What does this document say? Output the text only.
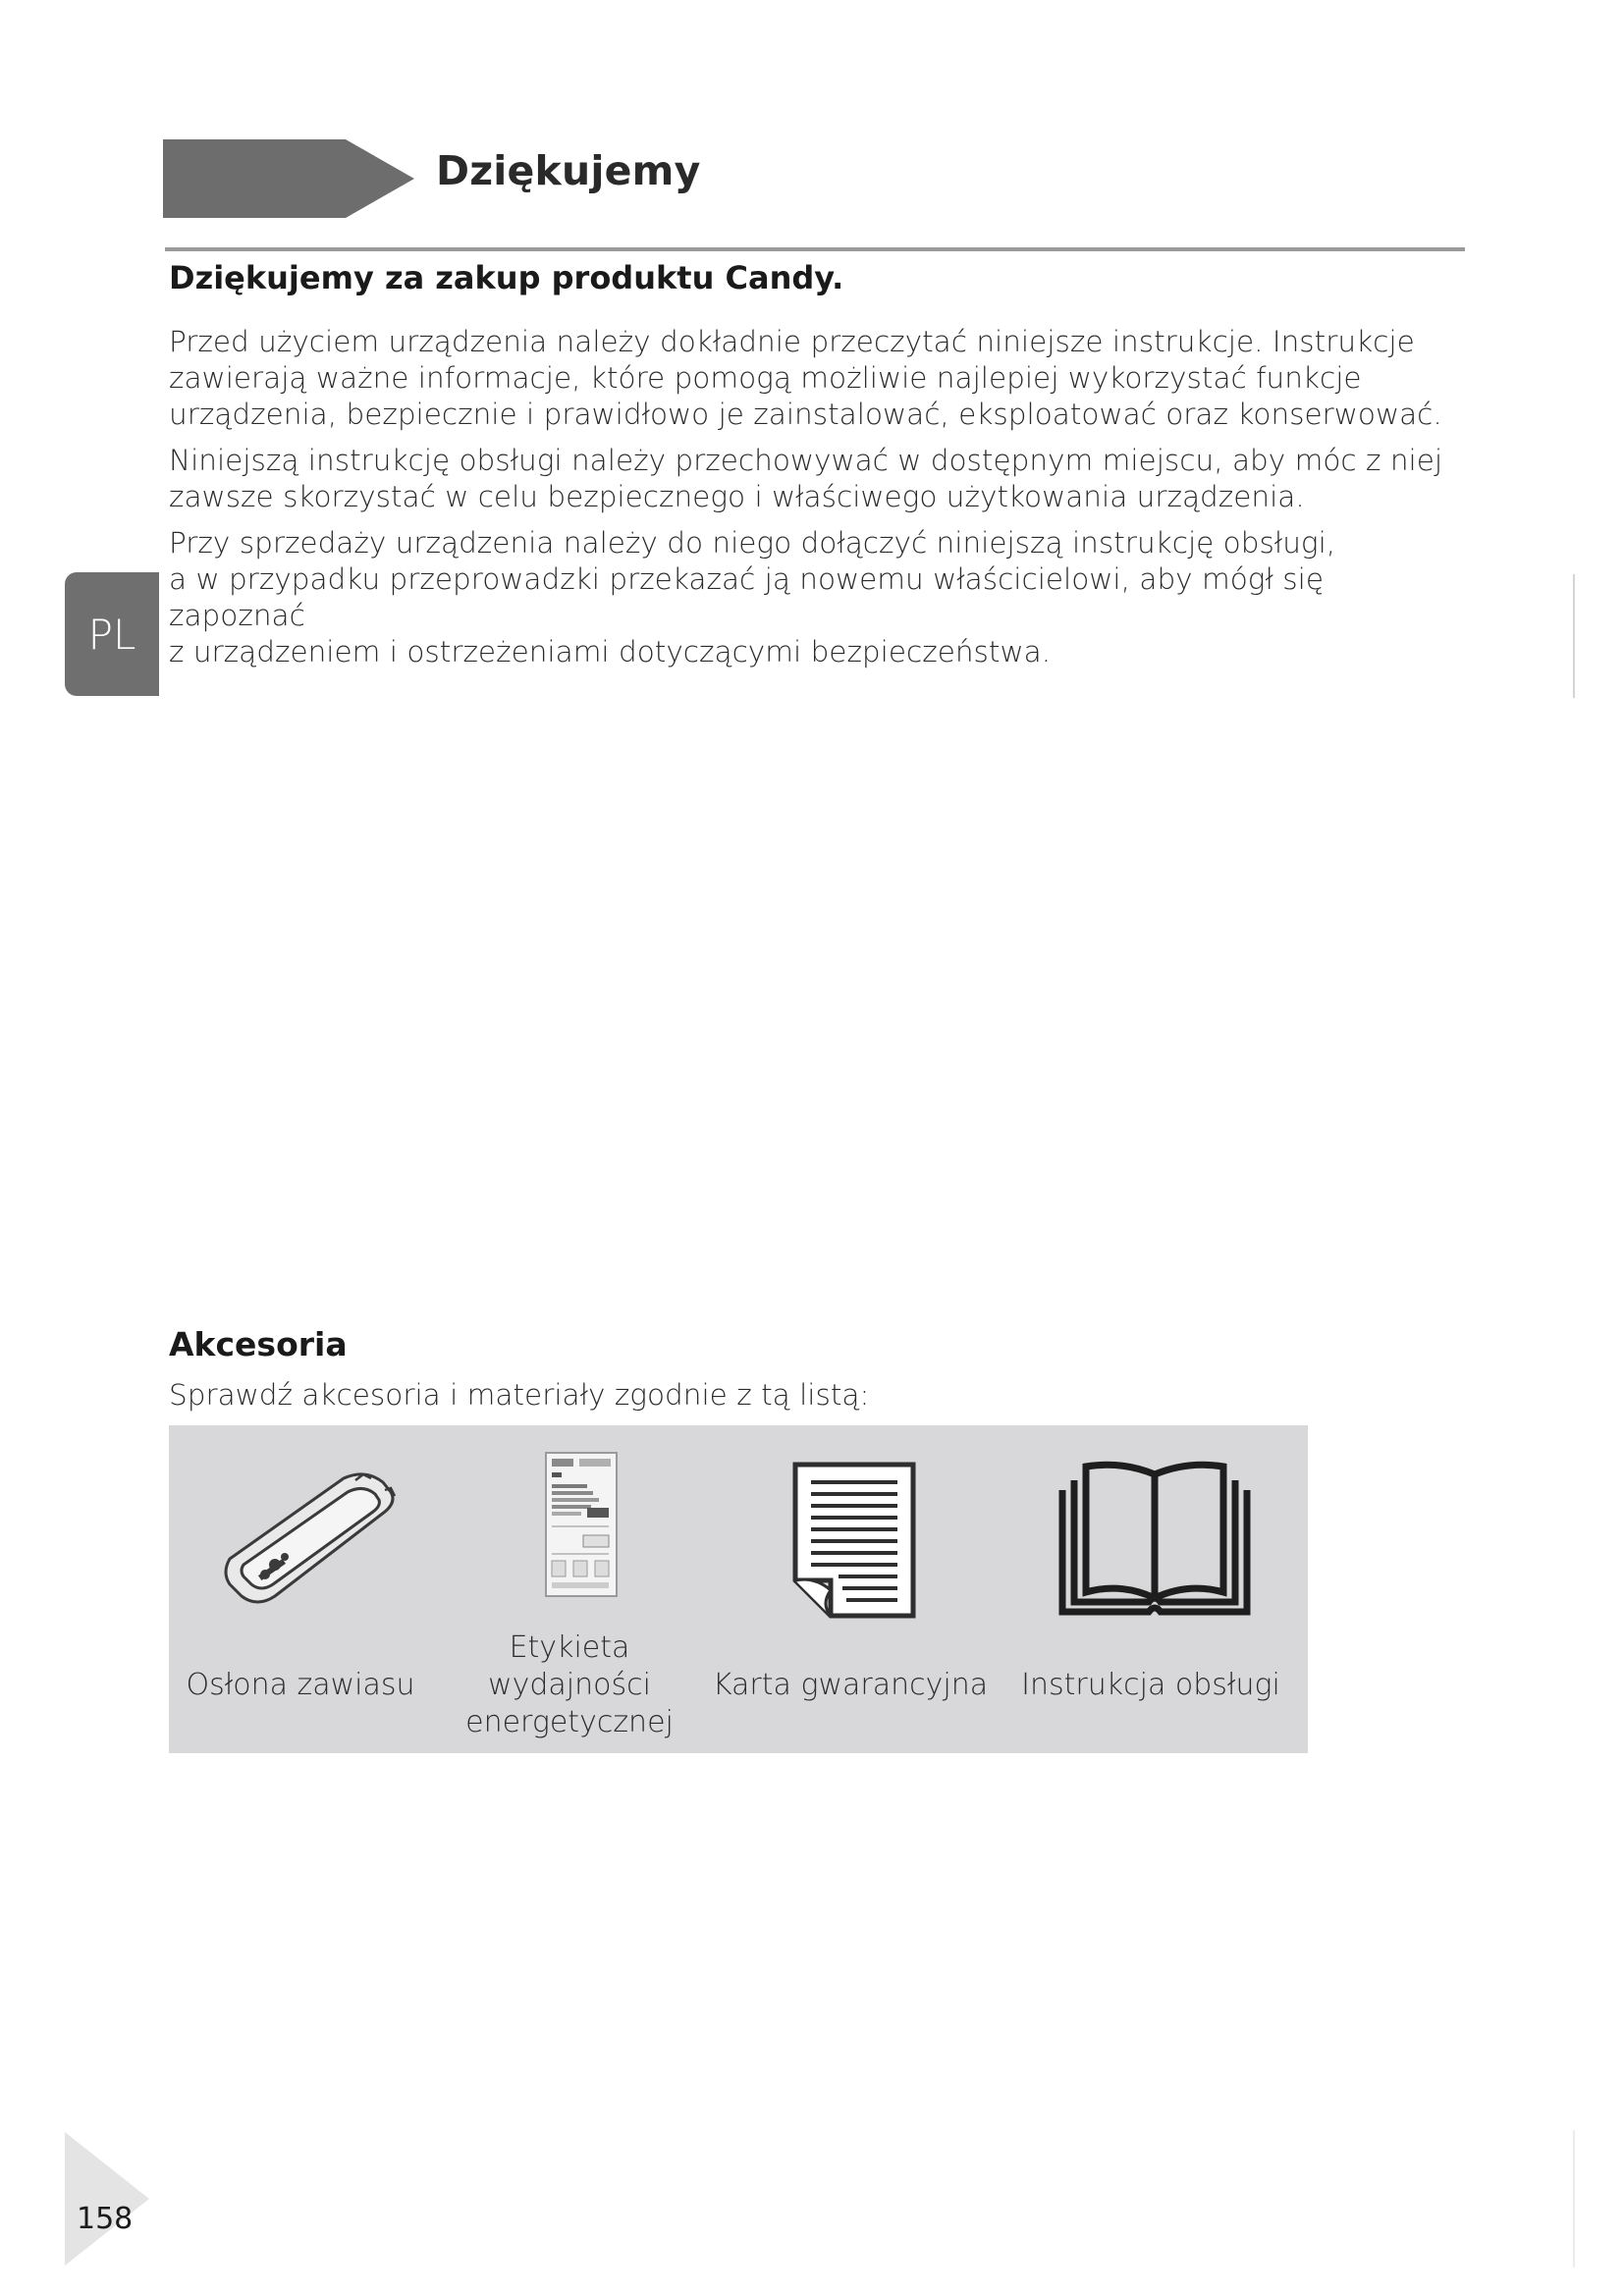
Dziękujemy
Dziękujemy za zakup produktu Candy.

Przed użyciem urządzenia należy dokładnie przeczytać niniejsze instrukcje. Instrukcje
zawierają ważne informacje, które pomogą możliwie najlepiej wykorzystać funkcje
urządzenia, bezpiecznie i prawidłowo je zainstalować, eksploatować oraz konserwować.

Niniejszą instrukcję obsługi należy przechowywać w dostępnym miejscu, aby móc z niej
zawsze skorzystać w celu bezpiecznego i właściwego użytkowania urządzenia.

Przy sprzedaży urządzenia należy do niego dołączyć niniejszą instrukcję obsługi,
a w przypadku przeprowadzki przekazać ją nowemu właścicielowi, aby mógł się zapoznać
z urządzeniem i ostrzeżeniami dotyczącymi bezpieczeństwa.

PL
Akcesoria

Sprawdź akcesoria i materiały zgodnie z tą listą:

Osłona zawiasu
Etykieta
wydajności
energetycznej
Karta gwarancyjna	Instrukcja obsługi
158
